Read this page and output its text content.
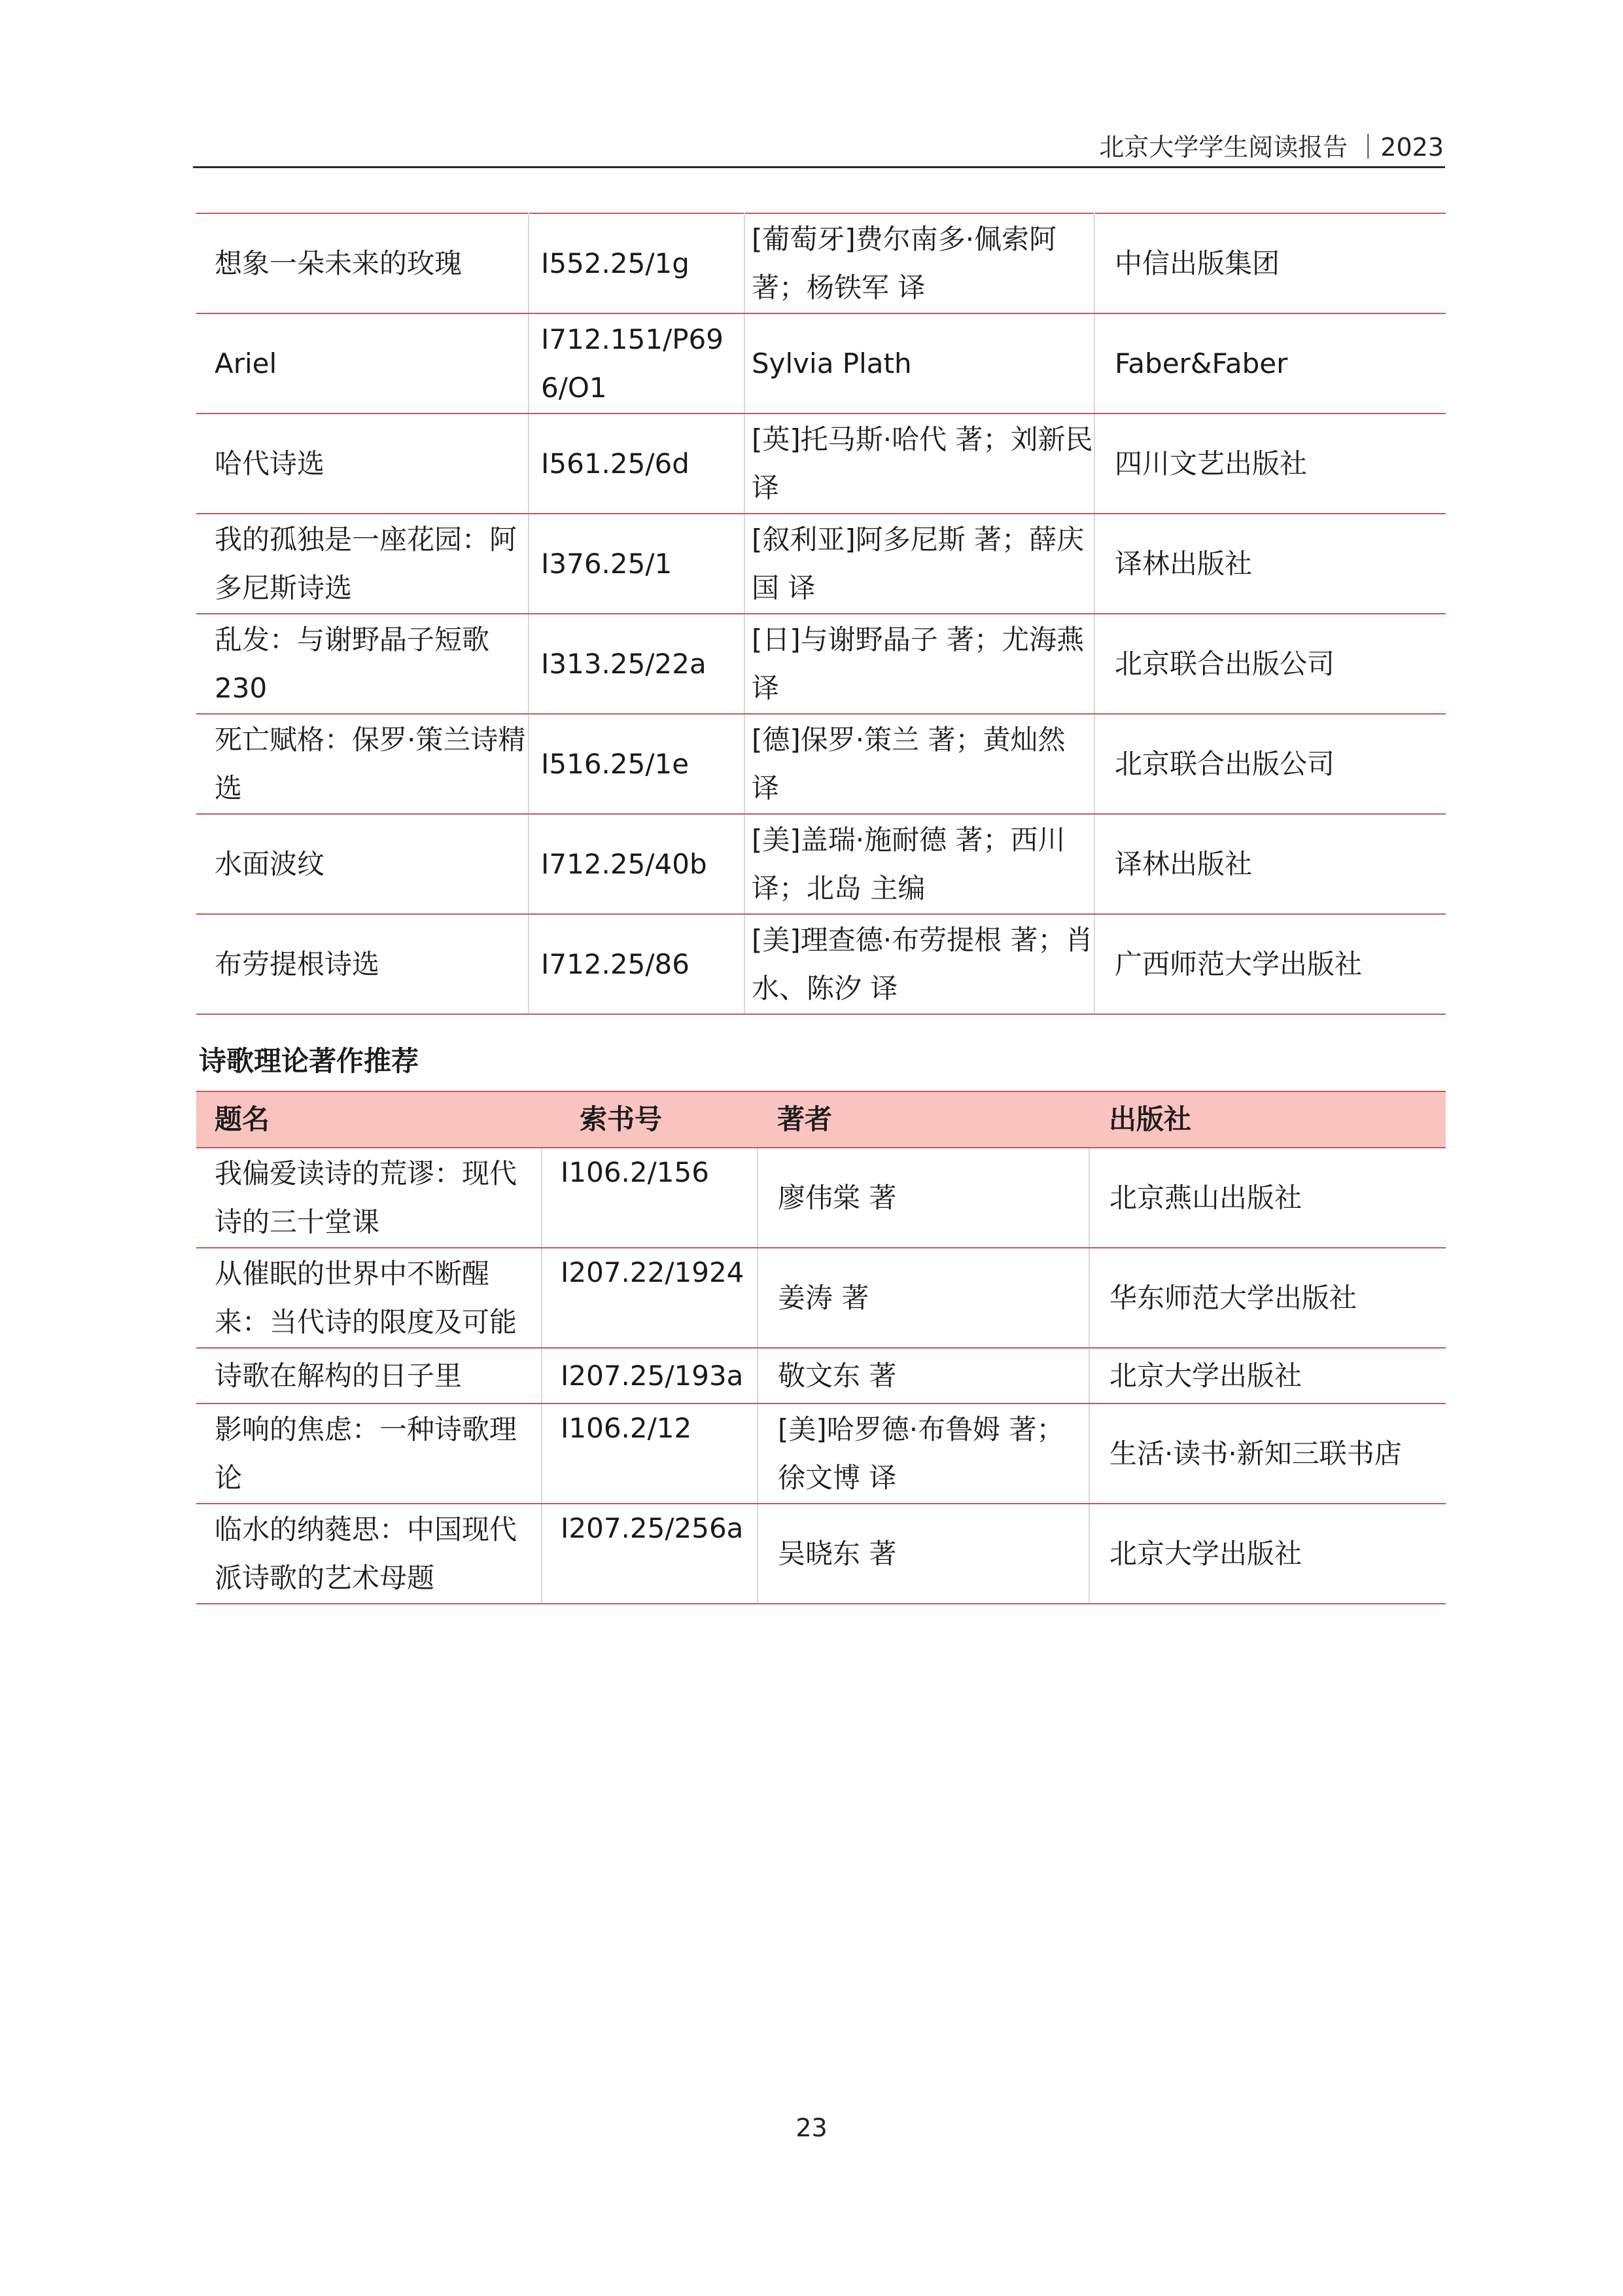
北京大学学生阅读报告 ｜2023
想象一朵未来的玫瑰	I552.25/1g	[葡萄牙]费尔南多·佩索阿 著；杨铁军 译	中信出版集团
Ariel	I712.151/P696/O1	Sylvia Plath	Faber&Faber
哈代诗选	I561.25/6d	[英]托马斯·哈代 著；刘新民 译	四川文艺出版社
我的孤独是一座花园：阿多尼斯诗选	I376.25/1	[叙利亚]阿多尼斯 著；薛庆国 译	译林出版社
乱发：与谢野晶子短歌230	I313.25/22a	[日]与谢野晶子 著；尤海燕 译	北京联合出版公司
死亡赋格：保罗·策兰诗精选	I516.25/1e	[德]保罗·策兰 著；黄灿然 译	北京联合出版公司
水面波纹	I712.25/40b	[美]盖瑞·施耐德 著；西川 译；北岛 主编	译林出版社
布劳提根诗选	I712.25/86	[美]理查德·布劳提根 著；肖水、陈汐 译	广西师范大学出版社
诗歌理论著作推荐
题名	索书号	著者	出版社
我偏爱读诗的荒谬：现代诗的三十堂课	I106.2/156	廖伟棠 著	北京燕山出版社
从催眠的世界中不断醒来：当代诗的限度及可能	I207.22/1924	姜涛 著	华东师范大学出版社
诗歌在解构的日子里	I207.25/193a	敬文东 著	北京大学出版社
影响的焦虑：一种诗歌理论	I106.2/12	[美]哈罗德·布鲁姆 著；徐文博 译	生活·读书·新知三联书店
临水的纳蕤思：中国现代派诗歌的艺术母题	I207.25/256a	吴晓东 著	北京大学出版社
23
